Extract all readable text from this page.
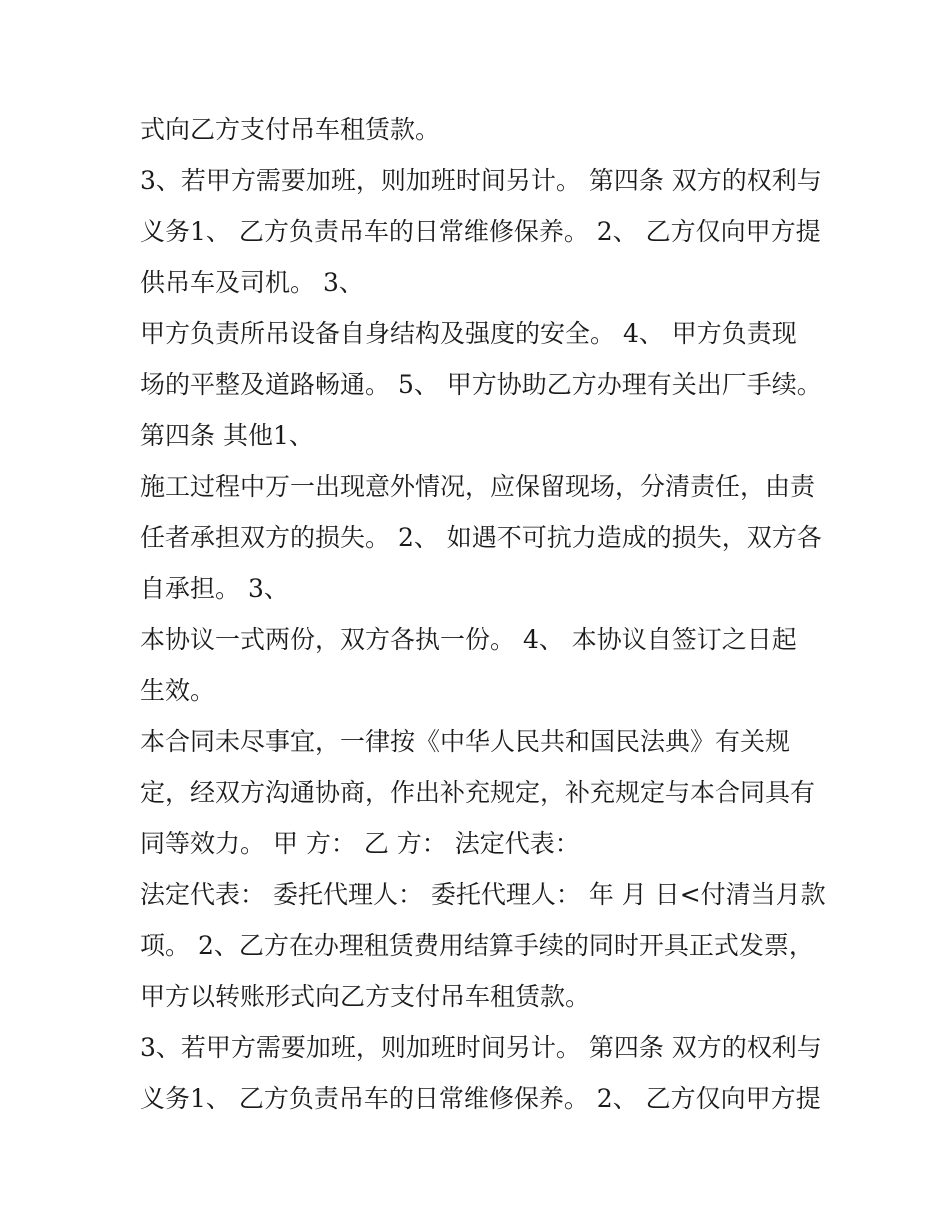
式向乙方支付吊车租赁款。
3、若甲方需要加班，则加班时间另计。 第四条 双方的权利与
义务1、 乙方负责吊车的日常维修保养。 2、 乙方仅向甲方提
供吊车及司机。 3、
甲方负责所吊设备自身结构及强度的安全。 4、 甲方负责现
场的平整及道路畅通。 5、 甲方协助乙方办理有关出厂手续。
第四条 其他1、
施工过程中万一出现意外情况，应保留现场，分清责任，由责
任者承担双方的损失。 2、 如遇不可抗力造成的损失，双方各
自承担。 3、
本协议一式两份，双方各执一份。 4、 本协议自签订之日起
生效。
本合同未尽事宜，一律按《中华人民共和国民法典》有关规
定，经双方沟通协商，作出补充规定，补充规定与本合同具有
同等效力。 甲 方： 乙 方： 法定代表：
法定代表： 委托代理人： 委托代理人： 年 月 日<付清当月款
项。 2、乙方在办理租赁费用结算手续的同时开具正式发票，
甲方以转账形式向乙方支付吊车租赁款。
3、若甲方需要加班，则加班时间另计。 第四条 双方的权利与
义务1、 乙方负责吊车的日常维修保养。 2、 乙方仅向甲方提
